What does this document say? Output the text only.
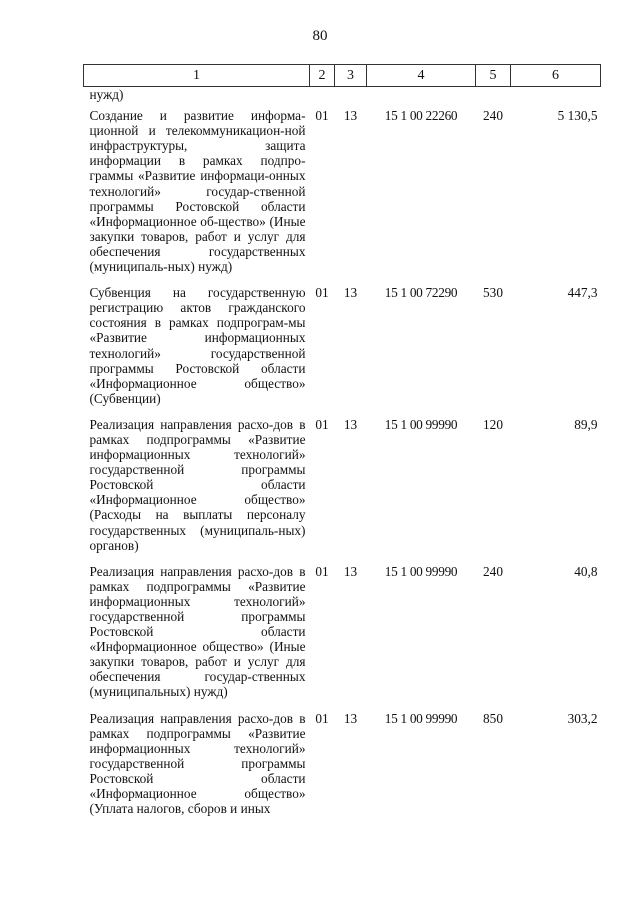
80
1	2	3	4	5	6
нужд)					
Создание и развитие информа-ционной и телекоммуникацион-ной инфраструктуры, защита информации в рамках подпро-граммы «Развитие информаци-онных технологий» государ-ственной программы Ростовской области «Информационное об-щество» (Иные закупки товаров, работ и услуг для обеспечения государственных (муниципаль-ных) нужд)	01	13	15 1 00 22260	240	5 130,5
Субвенция на государственную регистрацию актов гражданского состояния в рамках подпрограм-мы «Развитие информационных технологий» государственной программы Ростовской области «Информационное общество» (Субвенции)	01	13	15 1 00 72290	530	447,3
Реализация направления расхо-дов в рамках подпрограммы «Развитие информационных технологий» государственной программы Ростовской области «Информационное общество» (Расходы на выплаты персоналу государственных (муниципаль-ных) органов)	01	13	15 1 00 99990	120	89,9
Реализация направления расхо-дов в рамках подпрограммы «Развитие информационных технологий» государственной программы Ростовской области «Информационное общество» (Иные закупки товаров, работ и услуг для обеспечения государ-ственных (муниципальных) нужд)	01	13	15 1 00 99990	240	40,8
Реализация направления расхо-дов в рамках подпрограммы «Развитие информационных технологий» государственной программы Ростовской области «Информационное общество» (Уплата налогов, сборов и иных	01	13	15 1 00 99990	850	303,2
